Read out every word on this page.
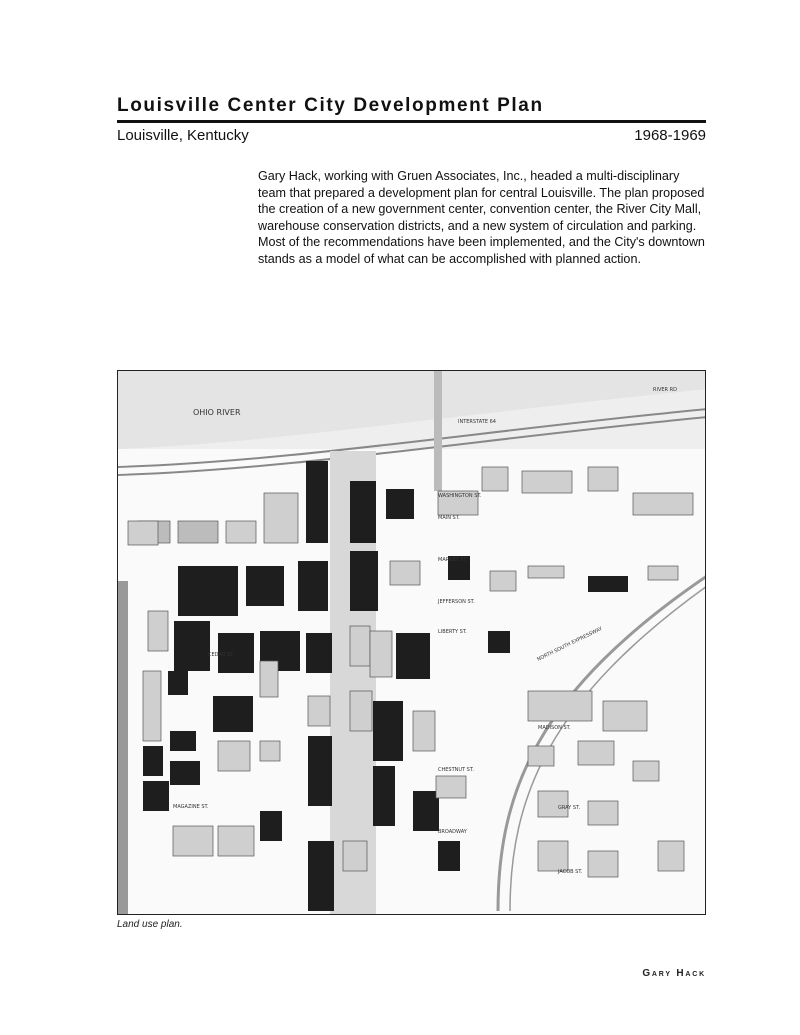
Louisville Center City Development Plan
Louisville, Kentucky	1968-1969

Gary Hack, working with Gruen Associates, Inc., headed a multi-disciplinary team that prepared a development plan for central Louisville. The plan proposed the creation of a new government center, convention center, the River City Mall, warehouse conservation districts, and a new system of circulation and parking. Most of the recommendations have been implemented, and the City's downtown stands as a model of what can be accomplished with planned action.

OHIO RIVER
INTERSTATE 64
RIVER RD
MAIN ST.
MARKET ST.
JEFFERSON ST.
LIBERTY ST.	NORTH SOUTH EXPRESSWAY
CEDAR ST.
MADISON ST.
CHESTNUT ST.
MAGAZINE ST.	GRAY ST.
BROADWAY
JACOB ST.
WASHINGTON ST.
Land use plan.
Gary Hack
